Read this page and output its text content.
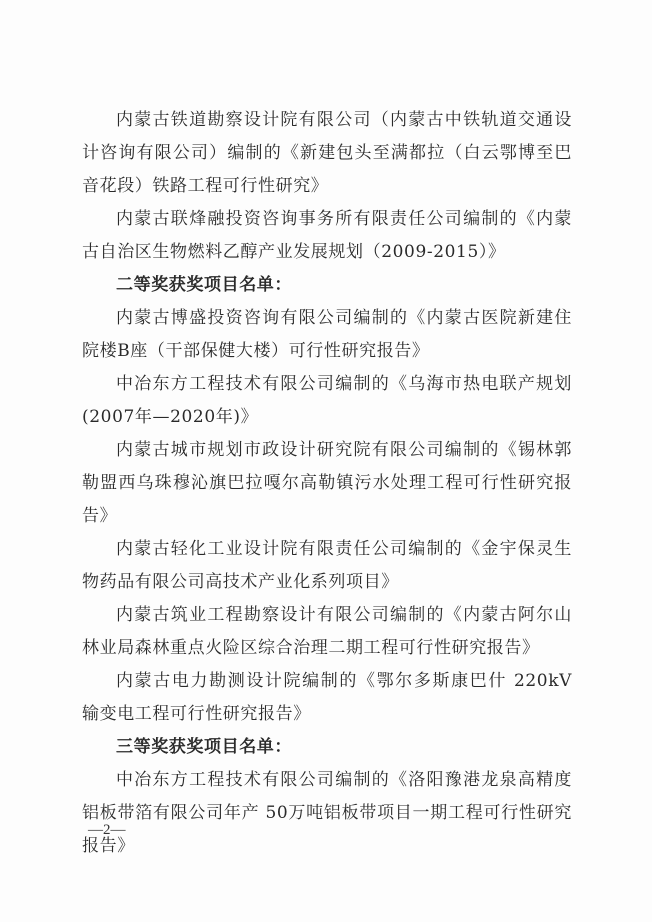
内蒙古铁道勘察设计院有限公司（内蒙古中铁轨道交通设计咨询有限公司）编制的《新建包头至满都拉（白云鄂博至巴音花段）铁路工程可行性研究》

内蒙古联烽融投资咨询事务所有限责任公司编制的《内蒙古自治区生物燃料乙醇产业发展规划（2009-2015）》

二等奖获奖项目名单：

内蒙古博盛投资咨询有限公司编制的《内蒙古医院新建住院楼B座（干部保健大楼）可行性研究报告》

中冶东方工程技术有限公司编制的《乌海市热电联产规划(2007年—2020年)》

内蒙古城市规划市政设计研究院有限公司编制的《锡林郭勒盟西乌珠穆沁旗巴拉嘎尔高勒镇污水处理工程可行性研究报告》

内蒙古轻化工业设计院有限责任公司编制的《金宇保灵生物药品有限公司高技术产业化系列项目》

内蒙古筑业工程勘察设计有限公司编制的《内蒙古阿尔山林业局森林重点火险区综合治理二期工程可行性研究报告》

内蒙古电力勘测设计院编制的《鄂尔多斯康巴什 220kV 输变电工程可行性研究报告》

三等奖获奖项目名单：

中冶东方工程技术有限公司编制的《洛阳豫港龙泉高精度铝板带箔有限公司年产 50万吨铝板带项目一期工程可行性研究报告》

—2—
